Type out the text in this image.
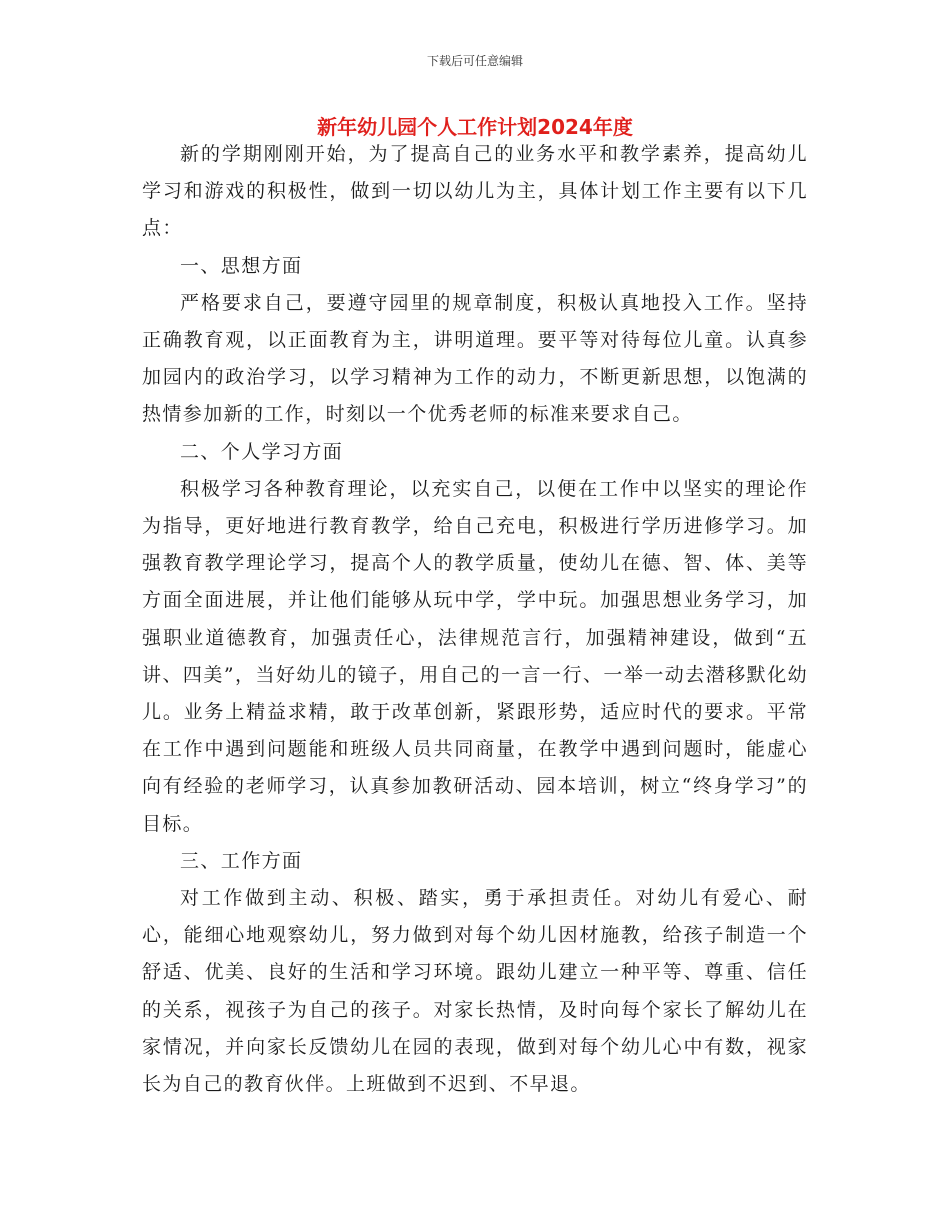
下载后可任意编辑
新年幼儿园个人工作计划2024年度

新的学期刚刚开始，为了提高自己的业务水平和教学素养，提高幼儿学习和游戏的积极性，做到一切以幼儿为主，具体计划工作主要有以下几点：

一、思想方面

严格要求自己，要遵守园里的规章制度，积极认真地投入工作。坚持正确教育观，以正面教育为主，讲明道理。要平等对待每位儿童。认真参加园内的政治学习，以学习精神为工作的动力，不断更新思想，以饱满的热情参加新的工作，时刻以一个优秀老师的标准来要求自己。

二、个人学习方面

积极学习各种教育理论，以充实自己，以便在工作中以坚实的理论作为指导，更好地进行教育教学，给自己充电，积极进行学历进修学习。加强教育教学理论学习，提高个人的教学质量，使幼儿在德、智、体、美等方面全面进展，并让他们能够从玩中学，学中玩。加强思想业务学习，加强职业道德教育，加强责任心，法律规范言行，加强精神建设，做到“五讲、四美”，当好幼儿的镜子，用自己的一言一行、一举一动去潜移默化幼儿。业务上精益求精，敢于改革创新，紧跟形势，适应时代的要求。平常在工作中遇到问题能和班级人员共同商量，在教学中遇到问题时，能虚心向有经验的老师学习，认真参加教研活动、园本培训，树立“终身学习”的目标。

三、工作方面

对工作做到主动、积极、踏实，勇于承担责任。对幼儿有爱心、耐心，能细心地观察幼儿，努力做到对每个幼儿因材施教，给孩子制造一个舒适、优美、良好的生活和学习环境。跟幼儿建立一种平等、尊重、信任的关系，视孩子为自己的孩子。对家长热情，及时向每个家长了解幼儿在家情况，并向家长反馈幼儿在园的表现，做到对每个幼儿心中有数，视家长为自己的教育伙伴。上班做到不迟到、不早退。
